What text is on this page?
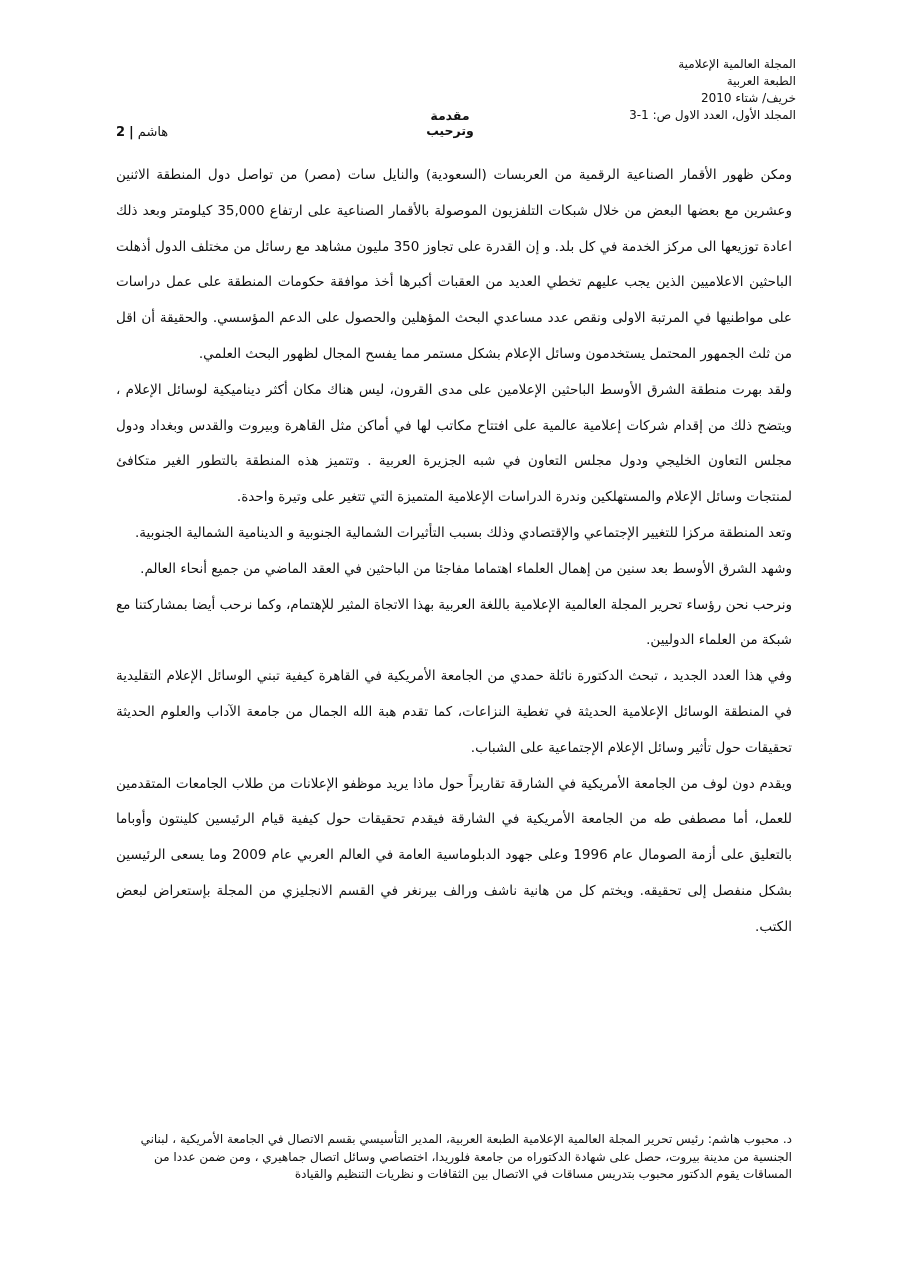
المجلة العالمية الإعلامية
الطبعة العربية
خريف/ شتاء 2010
المجلد الأول، العدد الاول ص: 1-3
مقدمة وترحيب
2 | هاشم

ومكن ظهور الأقمار الصناعية الرقمية من العربسات (السعودية) والنايل سات (مصر) من تواصل دول المنطقة الاثنين وعشرين مع بعضها البعض من خلال شبكات التلفزيون الموصولة بالأقمار الصناعية على ارتفاع 35,000 كيلومتر وبعد ذلك اعادة توزيعها الى مركز الخدمة في كل بلد. و إن القدرة على تجاوز 350 مليون مشاهد مع رسائل من مختلف الدول أذهلت الباحثين الاعلاميين الذين يجب عليهم تخطي العديد من العقبات أكبرها أخذ موافقة حكومات المنطقة على عمل دراسات على مواطنيها في المرتبة الاولى ونقص عدد مساعدي البحث المؤهلين والحصول على الدعم المؤسسي. والحقيقة أن اقل من ثلث الجمهور المحتمل يستخدمون وسائل الإعلام بشكل مستمر مما يفسح المجال لظهور البحث العلمي.

ولقد بهرت منطقة الشرق الأوسط الباحثين الإعلامين على مدى القرون، ليس هناك مكان أكثر ديناميكية لوسائل الإعلام ، ويتضح ذلك من إقدام شركات إعلامية عالمية على افتتاح مكاتب لها في أماكن مثل القاهرة وبيروت والقدس وبغداد ودول مجلس التعاون الخليجي ودول مجلس التعاون في شبه الجزيرة العربية . وتتميز هذه المنطقة بالتطور الغير متكافئ لمنتجات وسائل الإعلام والمستهلكين وندرة الدراسات الإعلامية المتميزة التي تتغير على وتيرة واحدة.

وتعد المنطقة مركزا للتغيير الإجتماعي والإقتصادي وذلك بسبب التأثيرات الشمالية الجنوبية و الدينامية الشمالية الجنوبية.

وشهد الشرق الأوسط بعد سنين من إهمال العلماء اهتماما مفاجئا من الباحثين في العقد الماضي من جميع أنحاء العالم.

ونرحب نحن رؤساء تحرير المجلة العالمية الإعلامية باللغة العربية بهذا الاتجاة المثير للإهتمام، وكما نرحب أيضا بمشاركتنا مع شبكة من العلماء الدوليين.

وفي هذا العدد الجديد ، تبحث الدكتورة نائلة حمدي من الجامعة الأمريكية في القاهرة كيفية تبني الوسائل الإعلام التقليدية في المنطقة الوسائل الإعلامية الحديثة في تغطية النزاعات، كما تقدم هبة الله الجمال من جامعة الآداب والعلوم الحديثة تحقيقات حول تأثير وسائل الإعلام الإجتماعية على الشباب.

ويقدم دون لوف من الجامعة الأمريكية في الشارقة تقاريراً حول ماذا يريد موظفو الإعلانات من طلاب الجامعات المتقدمين للعمل، أما مصطفى طه من الجامعة الأمريكية في الشارقة فيقدم تحقيقات حول كيفية قيام الرئيسين كلينتون وأوباما بالتعليق على أزمة الصومال عام 1996 وعلى جهود الدبلوماسية العامة في العالم العربي عام 2009 وما يسعى الرئيسين بشكل منفصل إلى تحقيقه. ويختم كل من هانية ناشف ورالف بيرنغر في القسم الانجليزي من المجلة بإستعراض لبعض الكتب.

د. محبوب هاشم: رئيس تحرير المجلة العالمية الإعلامية الطبعة العربية، المدير التأسيسي بقسم الاتصال في الجامعة الأمريكية ، لبناني الجنسية من مدينة بيروت، حصل على شهادة الدكتوراه من جامعة فلوريدا، اختصاصي وسائل اتصال جماهيري ، ومن ضمن عددا من المساقات يقوم الدكتور محبوب بتدريس مساقات في الاتصال بين الثقافات و نظريات التنظيم والقيادة
